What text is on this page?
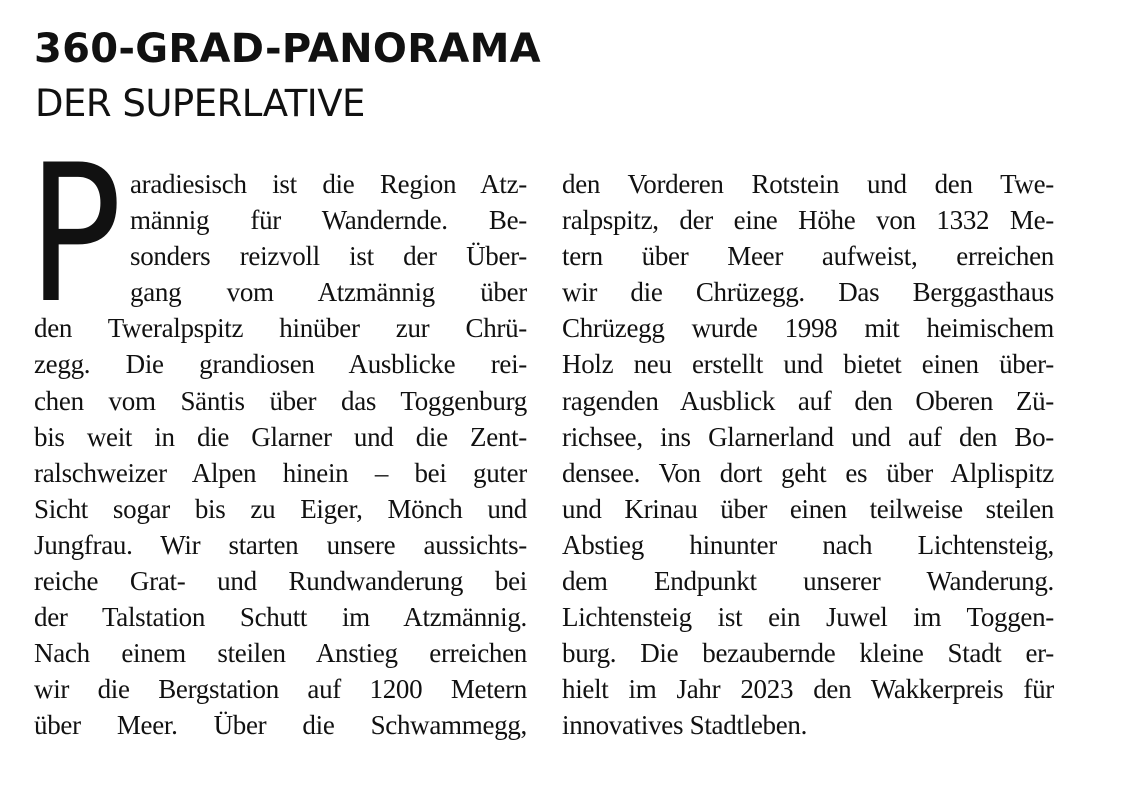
360-GRAD-PANORAMA
DER SUPERLATIVE
P aradiesisch ist die Region Atz-
männig für Wandernde. Be-
sonders reizvoll ist der Über-
gang vom Atzmännig über
den Tweralpspitz hinüber zur Chrü-
zegg. Die grandiosen Ausblicke rei-
chen vom Säntis über das Toggenburg
bis weit in die Glarner und die Zent-
ralschweizer Alpen hinein – bei guter
Sicht sogar bis zu Eiger, Mönch und
Jungfrau. Wir starten unsere aussichts-
reiche Grat- und Rundwanderung bei
der Talstation Schutt im Atzmännig.
Nach einem steilen Anstieg erreichen
wir die Bergstation auf 1200 Metern
über Meer. Über die Schwammegg,
den Vorderen Rotstein und den Twe-
ralpspitz, der eine Höhe von 1332 Me-
tern über Meer aufweist, erreichen
wir die Chrüzegg. Das Berggasthaus
Chrüzegg wurde 1998 mit heimischem
Holz neu erstellt und bietet einen über-
ragenden Ausblick auf den Oberen Zü-
richsee, ins Glarnerland und auf den Bo-
densee. Von dort geht es über Alplispitz
und Krinau über einen teilweise steilen
Abstieg hinunter nach Lichtensteig,
dem Endpunkt unserer Wanderung.
Lichtensteig ist ein Juwel im Toggen-
burg. Die bezaubernde kleine Stadt er-
hielt im Jahr 2023 den Wakkerpreis für
innovatives Stadtleben.
